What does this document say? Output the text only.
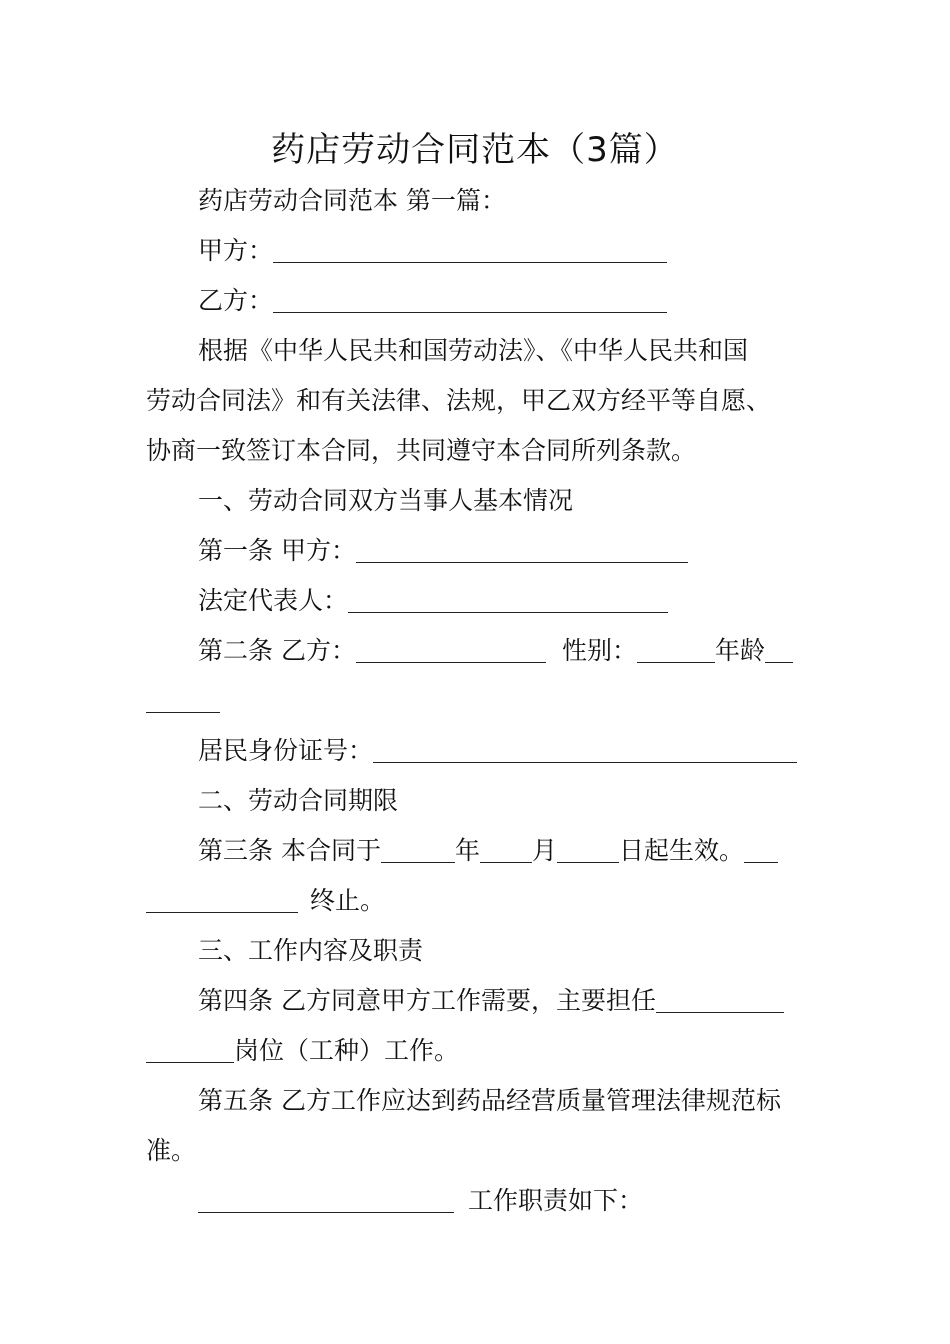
药店劳动合同范本（3篇）
药店劳动合同范本 第一篇：
甲方：
乙方：
根据《中华人民共和国劳动法》、《中华人民共和国
劳动合同法》和有关法律、法规，甲乙双方经平等自愿、
协商一致签订本合同，共同遵守本合同所列条款。
一、劳动合同双方当事人基本情况
第一条 甲方：
法定代表人：
第二条 乙方：	性别：	年龄
居民身份证号：
二、劳动合同期限
第三条 本合同于	年 月 日起生效。
终止。
三、工作内容及职责
第四条 乙方同意甲方工作需要，主要担任
岗位（工种）工作。
第五条 乙方工作应达到药品经营质量管理法律规范标
准。
工作职责如下：
